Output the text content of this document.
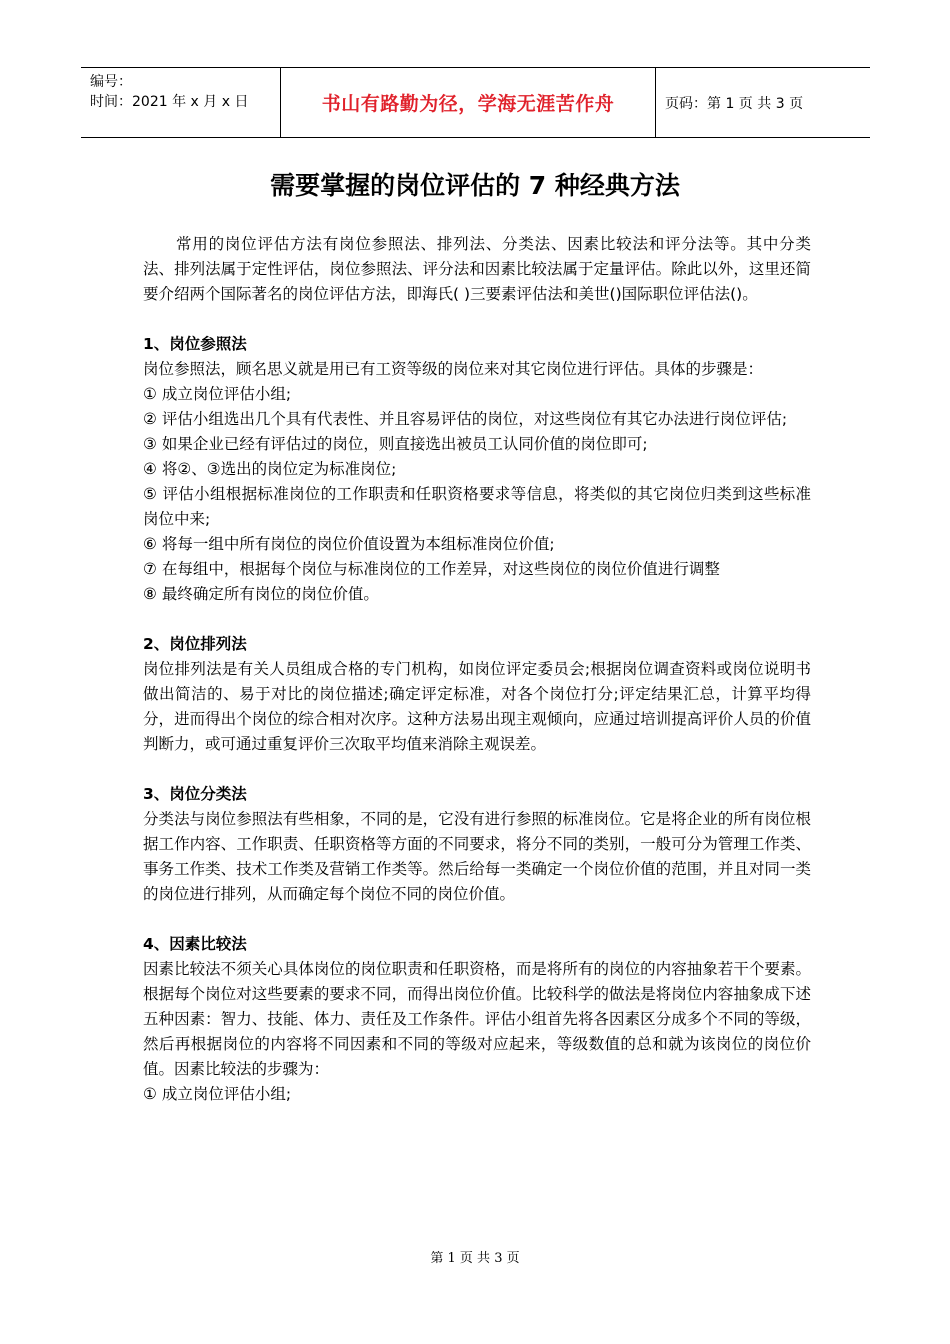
编号：
时间：2021 年 x 月 x 日	书山有路勤为径，学海无涯苦作舟	页码：第 1 页 共 3 页
需要掌握的岗位评估的 7 种经典方法

常用的岗位评估方法有岗位参照法、排列法、分类法、因素比较法和评分法等。其中分类法、排列法属于定性评估，岗位参照法、评分法和因素比较法属于定量评估。除此以外，这里还简要介绍两个国际著名的岗位评估方法，即海氏( )三要素评估法和美世()国际职位评估法()。

1、岗位参照法

岗位参照法，顾名思义就是用已有工资等级的岗位来对其它岗位进行评估。具体的步骤是：

① 成立岗位评估小组;

② 评估小组选出几个具有代表性、并且容易评估的岗位，对这些岗位有其它办法进行岗位评估;

③ 如果企业已经有评估过的岗位，则直接选出被员工认同价值的岗位即可;

④ 将②、③选出的岗位定为标准岗位;

⑤ 评估小组根据标准岗位的工作职责和任职资格要求等信息，将类似的其它岗位归类到这些标准岗位中来;

⑥ 将每一组中所有岗位的岗位价值设置为本组标准岗位价值;

⑦ 在每组中，根据每个岗位与标准岗位的工作差异，对这些岗位的岗位价值进行调整

⑧ 最终确定所有岗位的岗位价值。

2、岗位排列法

岗位排列法是有关人员组成合格的专门机构，如岗位评定委员会;根据岗位调查资料或岗位说明书做出简洁的、易于对比的岗位描述;确定评定标准，对各个岗位打分;评定结果汇总，计算平均得分，进而得出个岗位的综合相对次序。这种方法易出现主观倾向，应通过培训提高评价人员的价值判断力，或可通过重复评价三次取平均值来消除主观误差。

3、岗位分类法

分类法与岗位参照法有些相象，不同的是，它没有进行参照的标准岗位。它是将企业的所有岗位根据工作内容、工作职责、任职资格等方面的不同要求，将分不同的类别，一般可分为管理工作类、事务工作类、技术工作类及营销工作类等。然后给每一类确定一个岗位价值的范围，并且对同一类的岗位进行排列，从而确定每个岗位不同的岗位价值。

4、因素比较法

因素比较法不须关心具体岗位的岗位职责和任职资格，而是将所有的岗位的内容抽象若干个要素。根据每个岗位对这些要素的要求不同，而得出岗位价值。比较科学的做法是将岗位内容抽象成下述五种因素：智力、技能、体力、责任及工作条件。评估小组首先将各因素区分成多个不同的等级，然后再根据岗位的内容将不同因素和不同的等级对应起来，等级数值的总和就为该岗位的岗位价值。因素比较法的步骤为：

① 成立岗位评估小组;

第 1 页 共 3 页
